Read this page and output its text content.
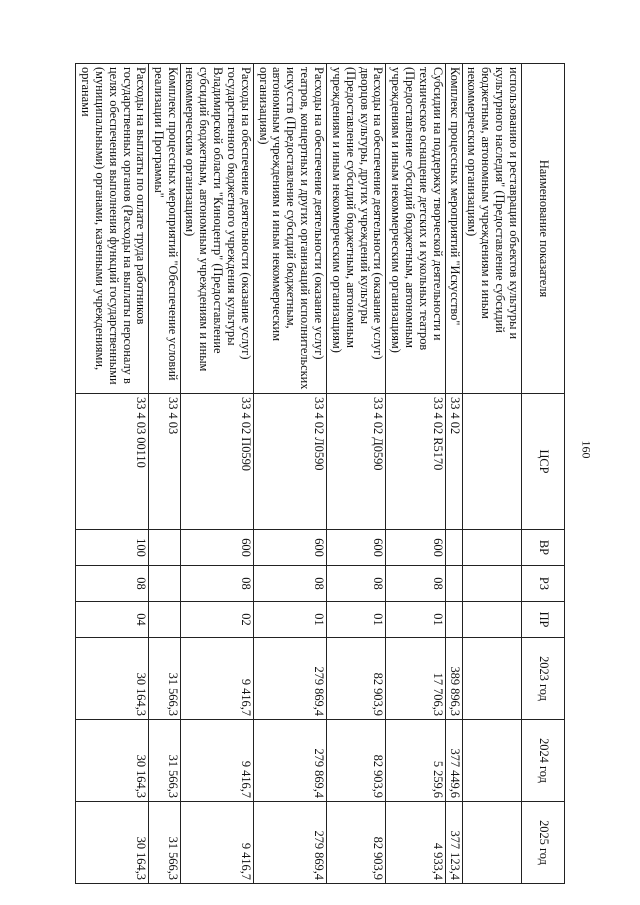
160
Наименование показателя	ЦСР	ВР	РЗ	ПР	2023 год	2024 год	2025 год
использованию и реставрации объектов культуры и культурного наследия" (Предоставление субсидий бюджетным, автономным учреждениям и иным некоммерческим организациям)							
Комплекс процессных мероприятий "Искусство"	33 4 02				389 896,3	377 449,6	377 123,4
Субсидии на поддержку творческой деятельности и техническое оснащение детских и кукольных театров (Предоставление субсидий бюджетным, автономным учреждениям и иным некоммерческим организациям)	33 4 02 R5170	600	08	01	17 706,3	5 259,6	4 933,4
Расходы на обеспечение деятельности (оказание услуг) дворцов культуры, других учреждений культуры (Предоставление субсидий бюджетным, автономным учреждениям и иным некоммерческим организациям)	33 4 02 Д0590	600	08	01	82 903,9	82 903,9	82 903,9
Расходы на обеспечение деятельности (оказание услуг) театров, концертных и других организаций исполнительских искусств (Предоставление субсидий бюджетным, автономным учреждениям и иным некоммерческим организациям)	33 4 02 Л0590	600	08	01	279 869,4	279 869,4	279 869,4
Расходы на обеспечение деятельности (оказание услуг) государственного бюджетного учреждения культуры Владимирской области "Киноцентр" (Предоставление субсидий бюджетным, автономным учреждениям и иным некоммерческим организациям)	33 4 02 П0590	600	08	02	9 416,7	9 416,7	9 416,7
Комплекс процессных мероприятий "Обеспечение условий реализации Программы"	33 4 03				31 566,3	31 566,3	31 566,3
Расходы на выплаты по оплате труда работников государственных органов (Расходы на выплаты персоналу в целях обеспечения выполнения функций государственными (муниципальными) органами, казенными учреждениями, органами	33 4 03 00110	100	08	04	30 164,3	30 164,3	30 164,3
